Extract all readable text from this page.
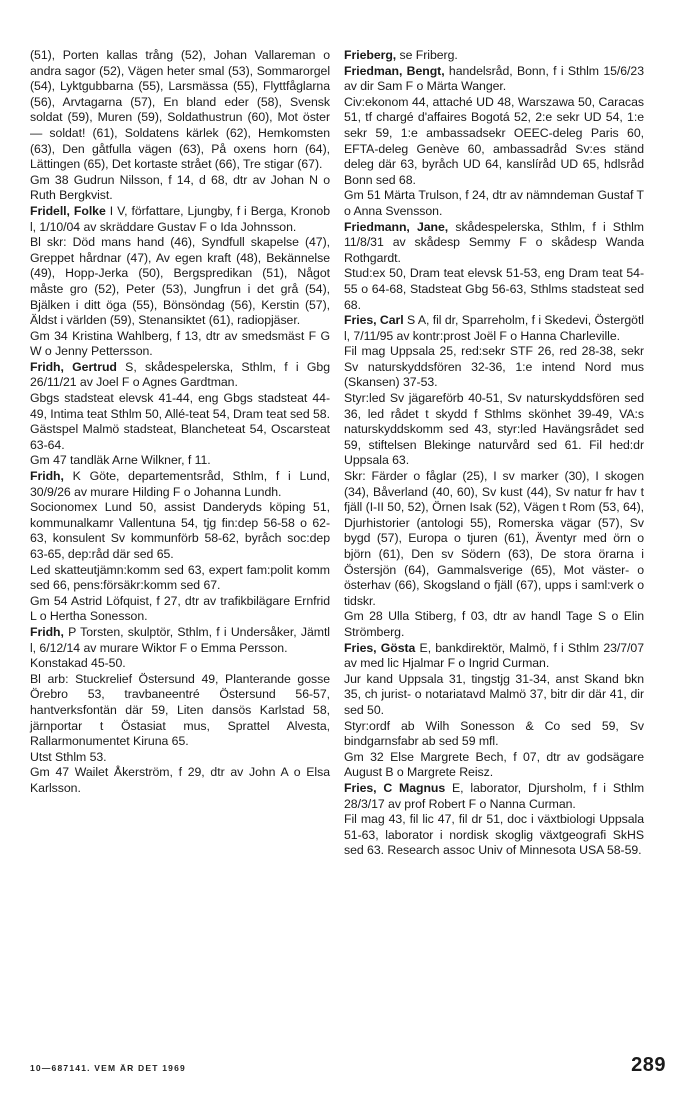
(51), Porten kallas trång (52), Johan Vallareman o andra sagor (52), Vägen heter smal (53), Sommarorgel (54), Lyktgubbarna (55), Larsmässa (55), Flyttfåglarna (56), Arvtagarna (57), En bland eder (58), Svensk soldat (59), Muren (59), Soldathustrun (60), Mot öster — soldat! (61), Soldatens kärlek (62), Hemkomsten (63), Den gåtfulla vägen (63), På oxens horn (64), Lättingen (65), Det kortaste strået (66), Tre stigar (67).

Gm 38 Gudrun Nilsson, f 14, d 68, dtr av Johan N o Ruth Bergkvist.

Fridell, Folke I V, författare, Ljungby, f i Berga, Kronob l, 1/10/04 av skräddare Gustav F o Ida Johnsson.

Bl skr: Död mans hand (46), Syndfull skapelse (47), Greppet hårdnar (47), Av egen kraft (48), Bekännelse (49), Hopp-Jerka (50), Bergspredikan (51), Något måste gro (52), Peter (53), Jungfrun i det grå (54), Bjälken i ditt öga (55), Bönsöndag (56), Kerstin (57), Äldst i världen (59), Stenansiktet (61), radiopjäser.

Gm 34 Kristina Wahlberg, f 13, dtr av smedsmäst F G W o Jenny Pettersson.

Fridh, Gertrud S, skådespelerska, Sthlm, f i Gbg 26/11/21 av Joel F o Agnes Gardtman.

Gbgs stadsteat elevsk 41-44, eng Gbgs stadsteat 44-49, Intima teat Sthlm 50, Allé-teat 54, Dram teat sed 58.

Gästspel Malmö stadsteat, Blancheteat 54, Oscarsteat 63-64.

Gm 47 tandläk Arne Wilkner, f 11.

Fridh, K Göte, departementsråd, Sthlm, f i Lund, 30/9/26 av murare Hilding F o Johanna Lundh.

Socionomex Lund 50, assist Danderyds köping 51, kommunalkamr Vallentuna 54, tjg fin:dep 56-58 o 62-63, konsulent Sv kommunförb 58-62, byråch soc:dep 63-65, dep:råd där sed 65.

Led skatteutjämn:komm sed 63, expert fam:polit komm sed 66, pens:försäkr:komm sed 67.

Gm 54 Astrid Löfquist, f 27, dtr av trafikbilägare Ernfrid L o Hertha Sonesson.

Fridh, P Torsten, skulptör, Sthlm, f i Undersåker, Jämtl l, 6/12/14 av murare Wiktor F o Emma Persson.

Konstakad 45-50.

Bl arb: Stuckrelief Östersund 49, Planterande gosse Örebro 53, travbaneentré Östersund 56-57, hantverksfontän där 59, Liten dansös Karlstad 58, järnportar t Östasiat mus, Sprattel Alvesta, Rallarmonumentet Kiruna 65.

Utst Sthlm 53.

Gm 47 Wailet Åkerström, f 29, dtr av John A o Elsa Karlsson.

Frieberg, se Friberg.

Friedman, Bengt, handelsråd, Bonn, f i Sthlm 15/6/23 av dir Sam F o Märta Wanger.

Civ:ekonom 44, attaché UD 48, Warszawa 50, Caracas 51, tf chargé d'affaires Bogotá 52, 2:e sekr UD 54, 1:e sekr 59, 1:e ambassadsekr OEEC-deleg Paris 60, EFTA-deleg Genève 60, ambassadråd Sv:es ständ deleg där 63, byråch UD 64, kanslíråd UD 65, hdlsråd Bonn sed 68.

Gm 51 Märta Trulson, f 24, dtr av nämndeman Gustaf T o Anna Svensson.

Friedmann, Jane, skådespelerska, Sthlm, f i Sthlm 11/8/31 av skådesp Semmy F o skådesp Wanda Rothgardt.

Stud:ex 50, Dram teat elevsk 51-53, eng Dram teat 54-55 o 64-68, Stadsteat Gbg 56-63, Sthlms stadsteat sed 68.

Fries, Carl S A, fil dr, Sparreholm, f i Skedevi, Östergötl l, 7/11/95 av kontr:prost Joël F o Hanna Charleville.

Fil mag Uppsala 25, red:sekr STF 26, red 28-38, sekr Sv naturskyddsfören 32-36, 1:e intend Nord mus (Skansen) 37-53.

Styr:led Sv jägareförb 40-51, Sv naturskyddsfören sed 36, led rådet t skydd f Sthlms skönhet 39-49, VA:s naturskyddskomm sed 43, styr:led Havängsrådet sed 59, stiftelsen Blekinge naturvård sed 61. Fil hed:dr Uppsala 63.

Skr: Färder o fåglar (25), I sv marker (30), I skogen (34), Båverland (40, 60), Sv kust (44), Sv natur fr hav t fjäll (I-II 50, 52), Örnen Isak (52), Vägen t Rom (53, 64), Djurhistorier (antologi 55), Romerska vägar (57), Sv bygd (57), Europa o tjuren (61), Äventyr med örn o björn (61), Den sv Södern (63), De stora örarna i Östersjön (64), Gammalsverige (65), Mot väster- o österhav (66), Skogsland o fjäll (67), upps i saml:verk o tidskr.

Gm 28 Ulla Stiberg, f 03, dtr av handl Tage S o Elin Strömberg.

Fries, Gösta E, bankdirektör, Malmö, f i Sthlm 23/7/07 av med lic Hjalmar F o Ingrid Curman.

Jur kand Uppsala 31, tingstjg 31-34, anst Skand bkn 35, ch jurist- o notariatavd Malmö 37, bitr dir där 41, dir sed 50.

Styr:ordf ab Wilh Sonesson & Co sed 59, Sv bindgarnsfabr ab sed 59 mfl.

Gm 32 Else Margrete Bech, f 07, dtr av godsägare August B o Margrete Reisz.

Fries, C Magnus E, laborator, Djursholm, f i Sthlm 28/3/17 av prof Robert F o Nanna Curman.

Fil mag 43, fil lic 47, fil dr 51, doc i växtbiologi Uppsala 51-63, laborator i nordisk skoglig växtgeografi SkHS sed 63. Research assoc Univ of Minnesota USA 58-59.

10—687141. VEM ÄR DET 1969	289
